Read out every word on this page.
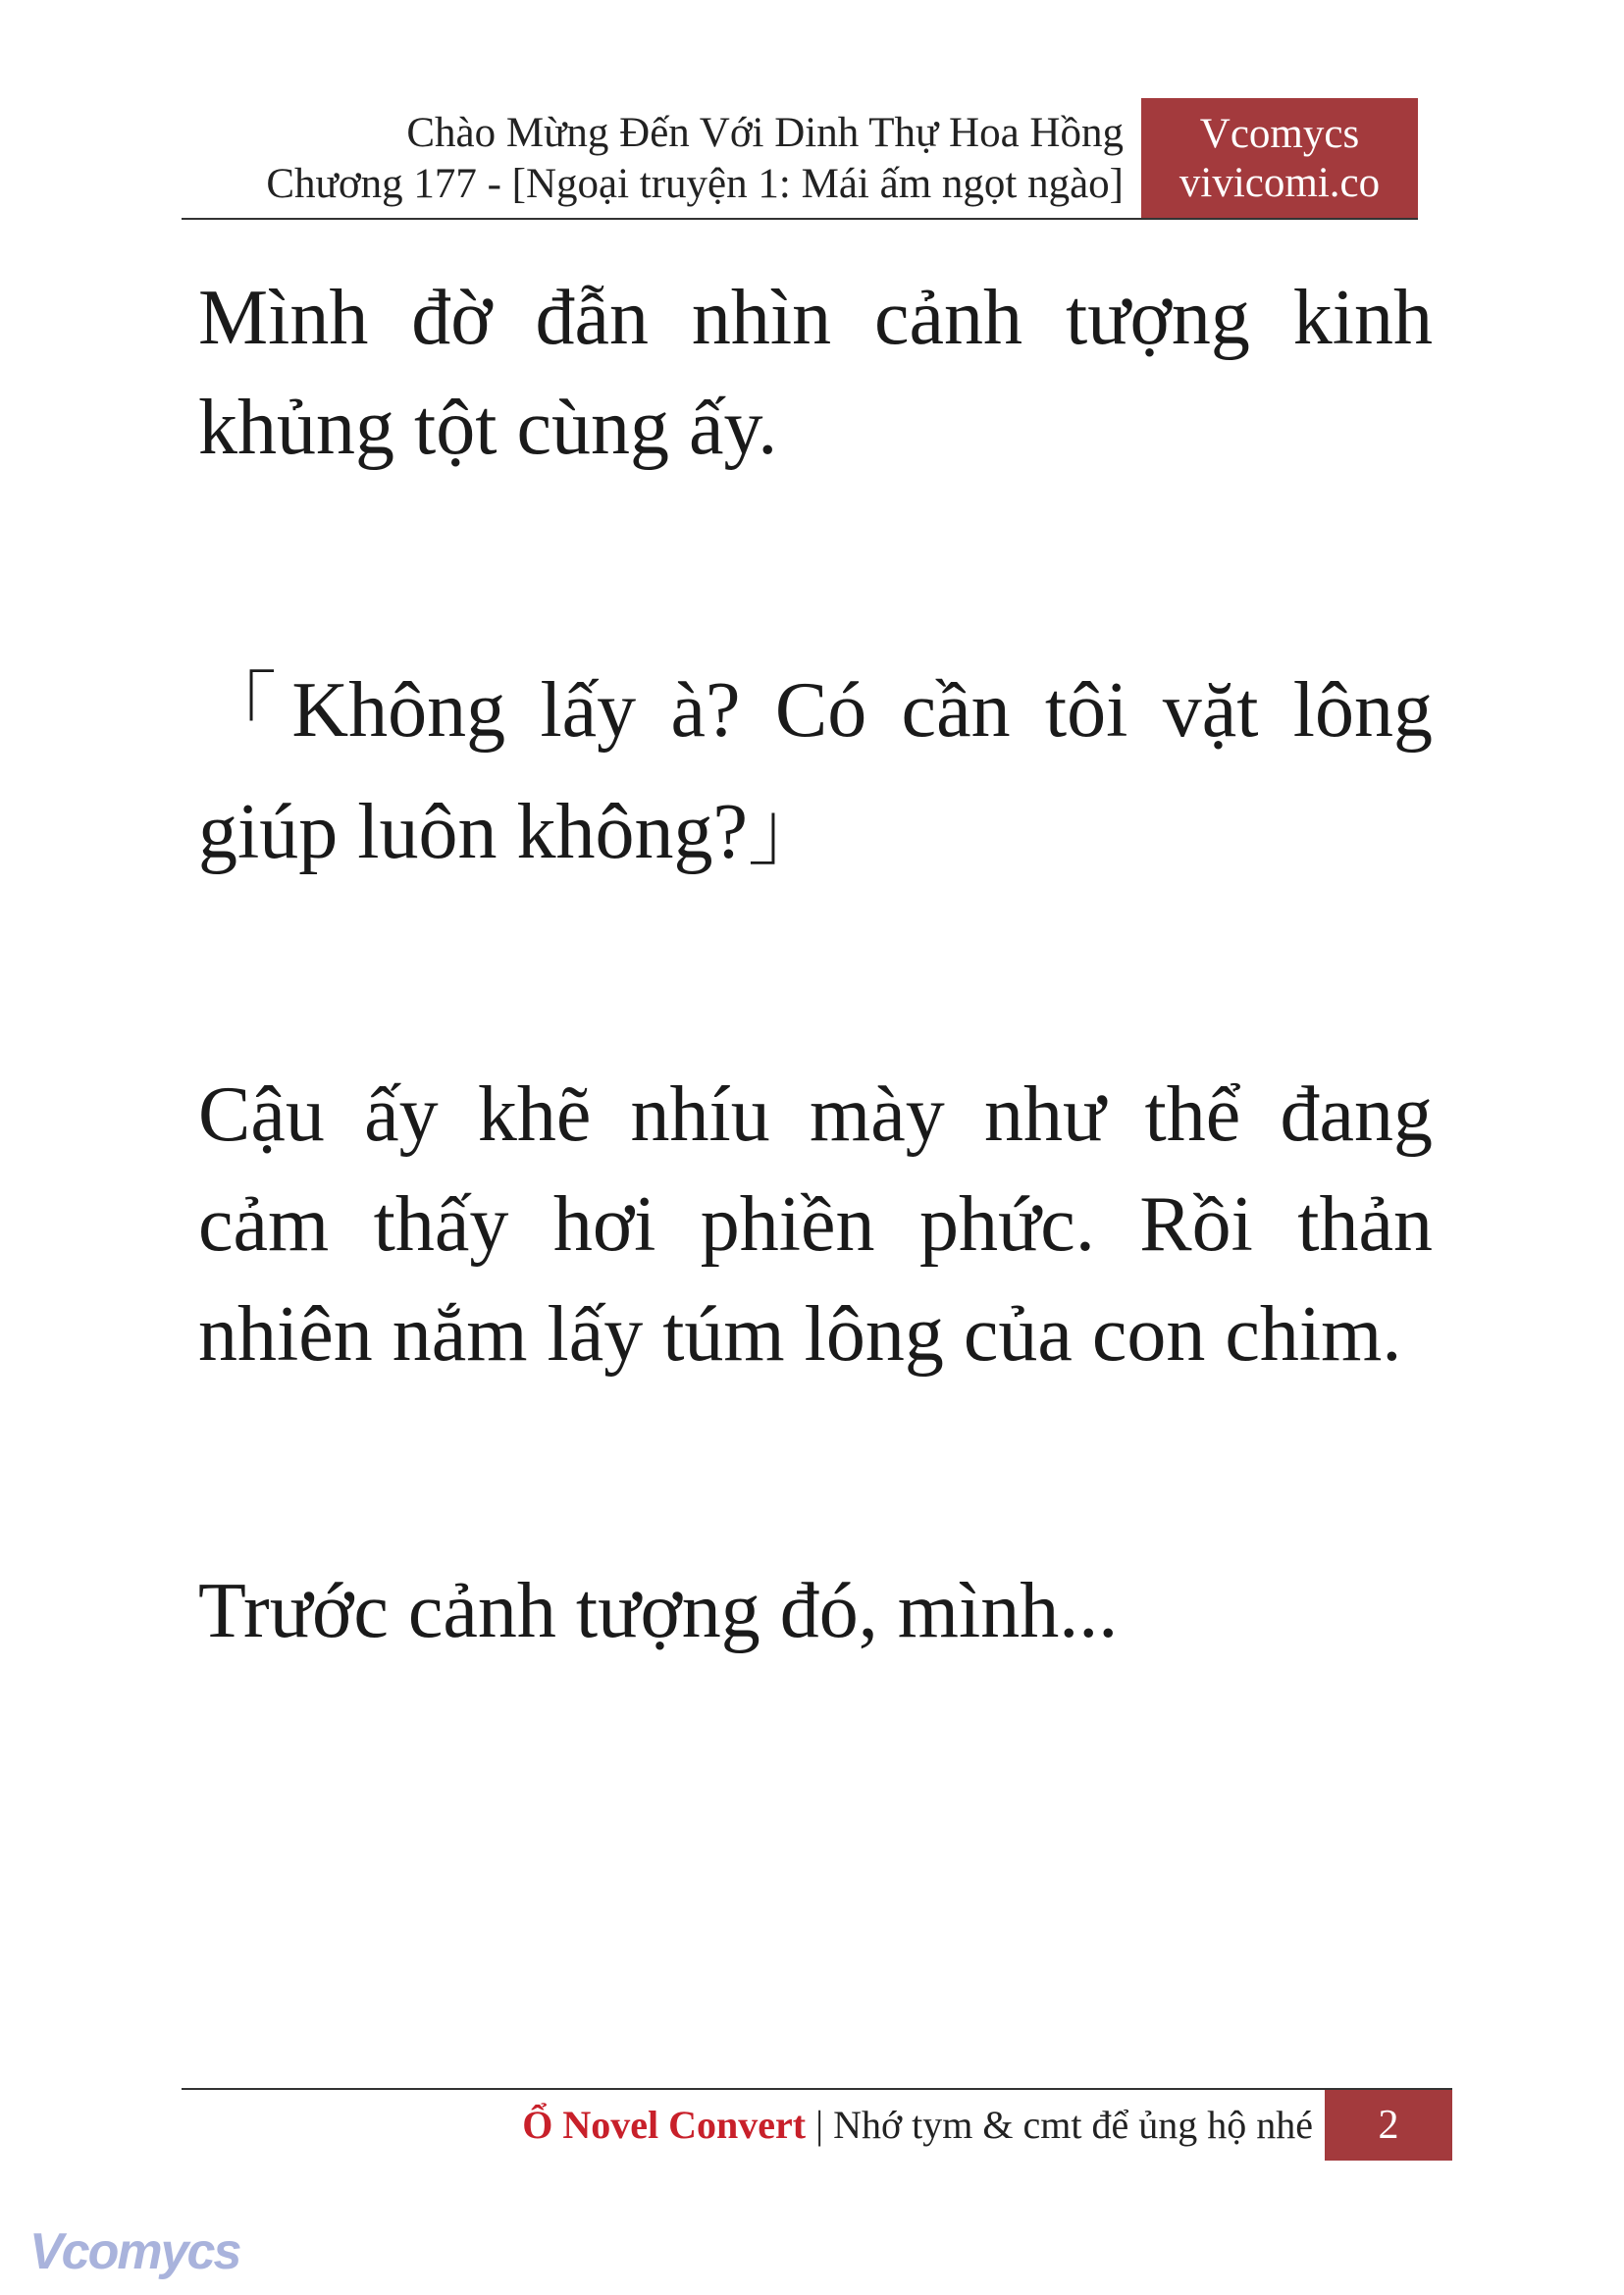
Chào Mừng Đến Với Dinh Thự Hoa Hồng
Chương 177 - [Ngoại truyện 1: Mái ấm ngọt ngào]
Vcomycs
vivicomi.co

Mình đờ đẫn nhìn cảnh tượng kinh khủng tột cùng ấy.

「Không lấy à? Có cần tôi vặt lông giúp luôn không?」

Cậu ấy khẽ nhíu mày như thể đang cảm thấy hơi phiền phức. Rồi thản nhiên nắm lấy túm lông của con chim.

Trước cảnh tượng đó, mình...

Ổ Novel Convert | Nhớ tym & cmt để ủng hộ nhé	2
Vcomycs
